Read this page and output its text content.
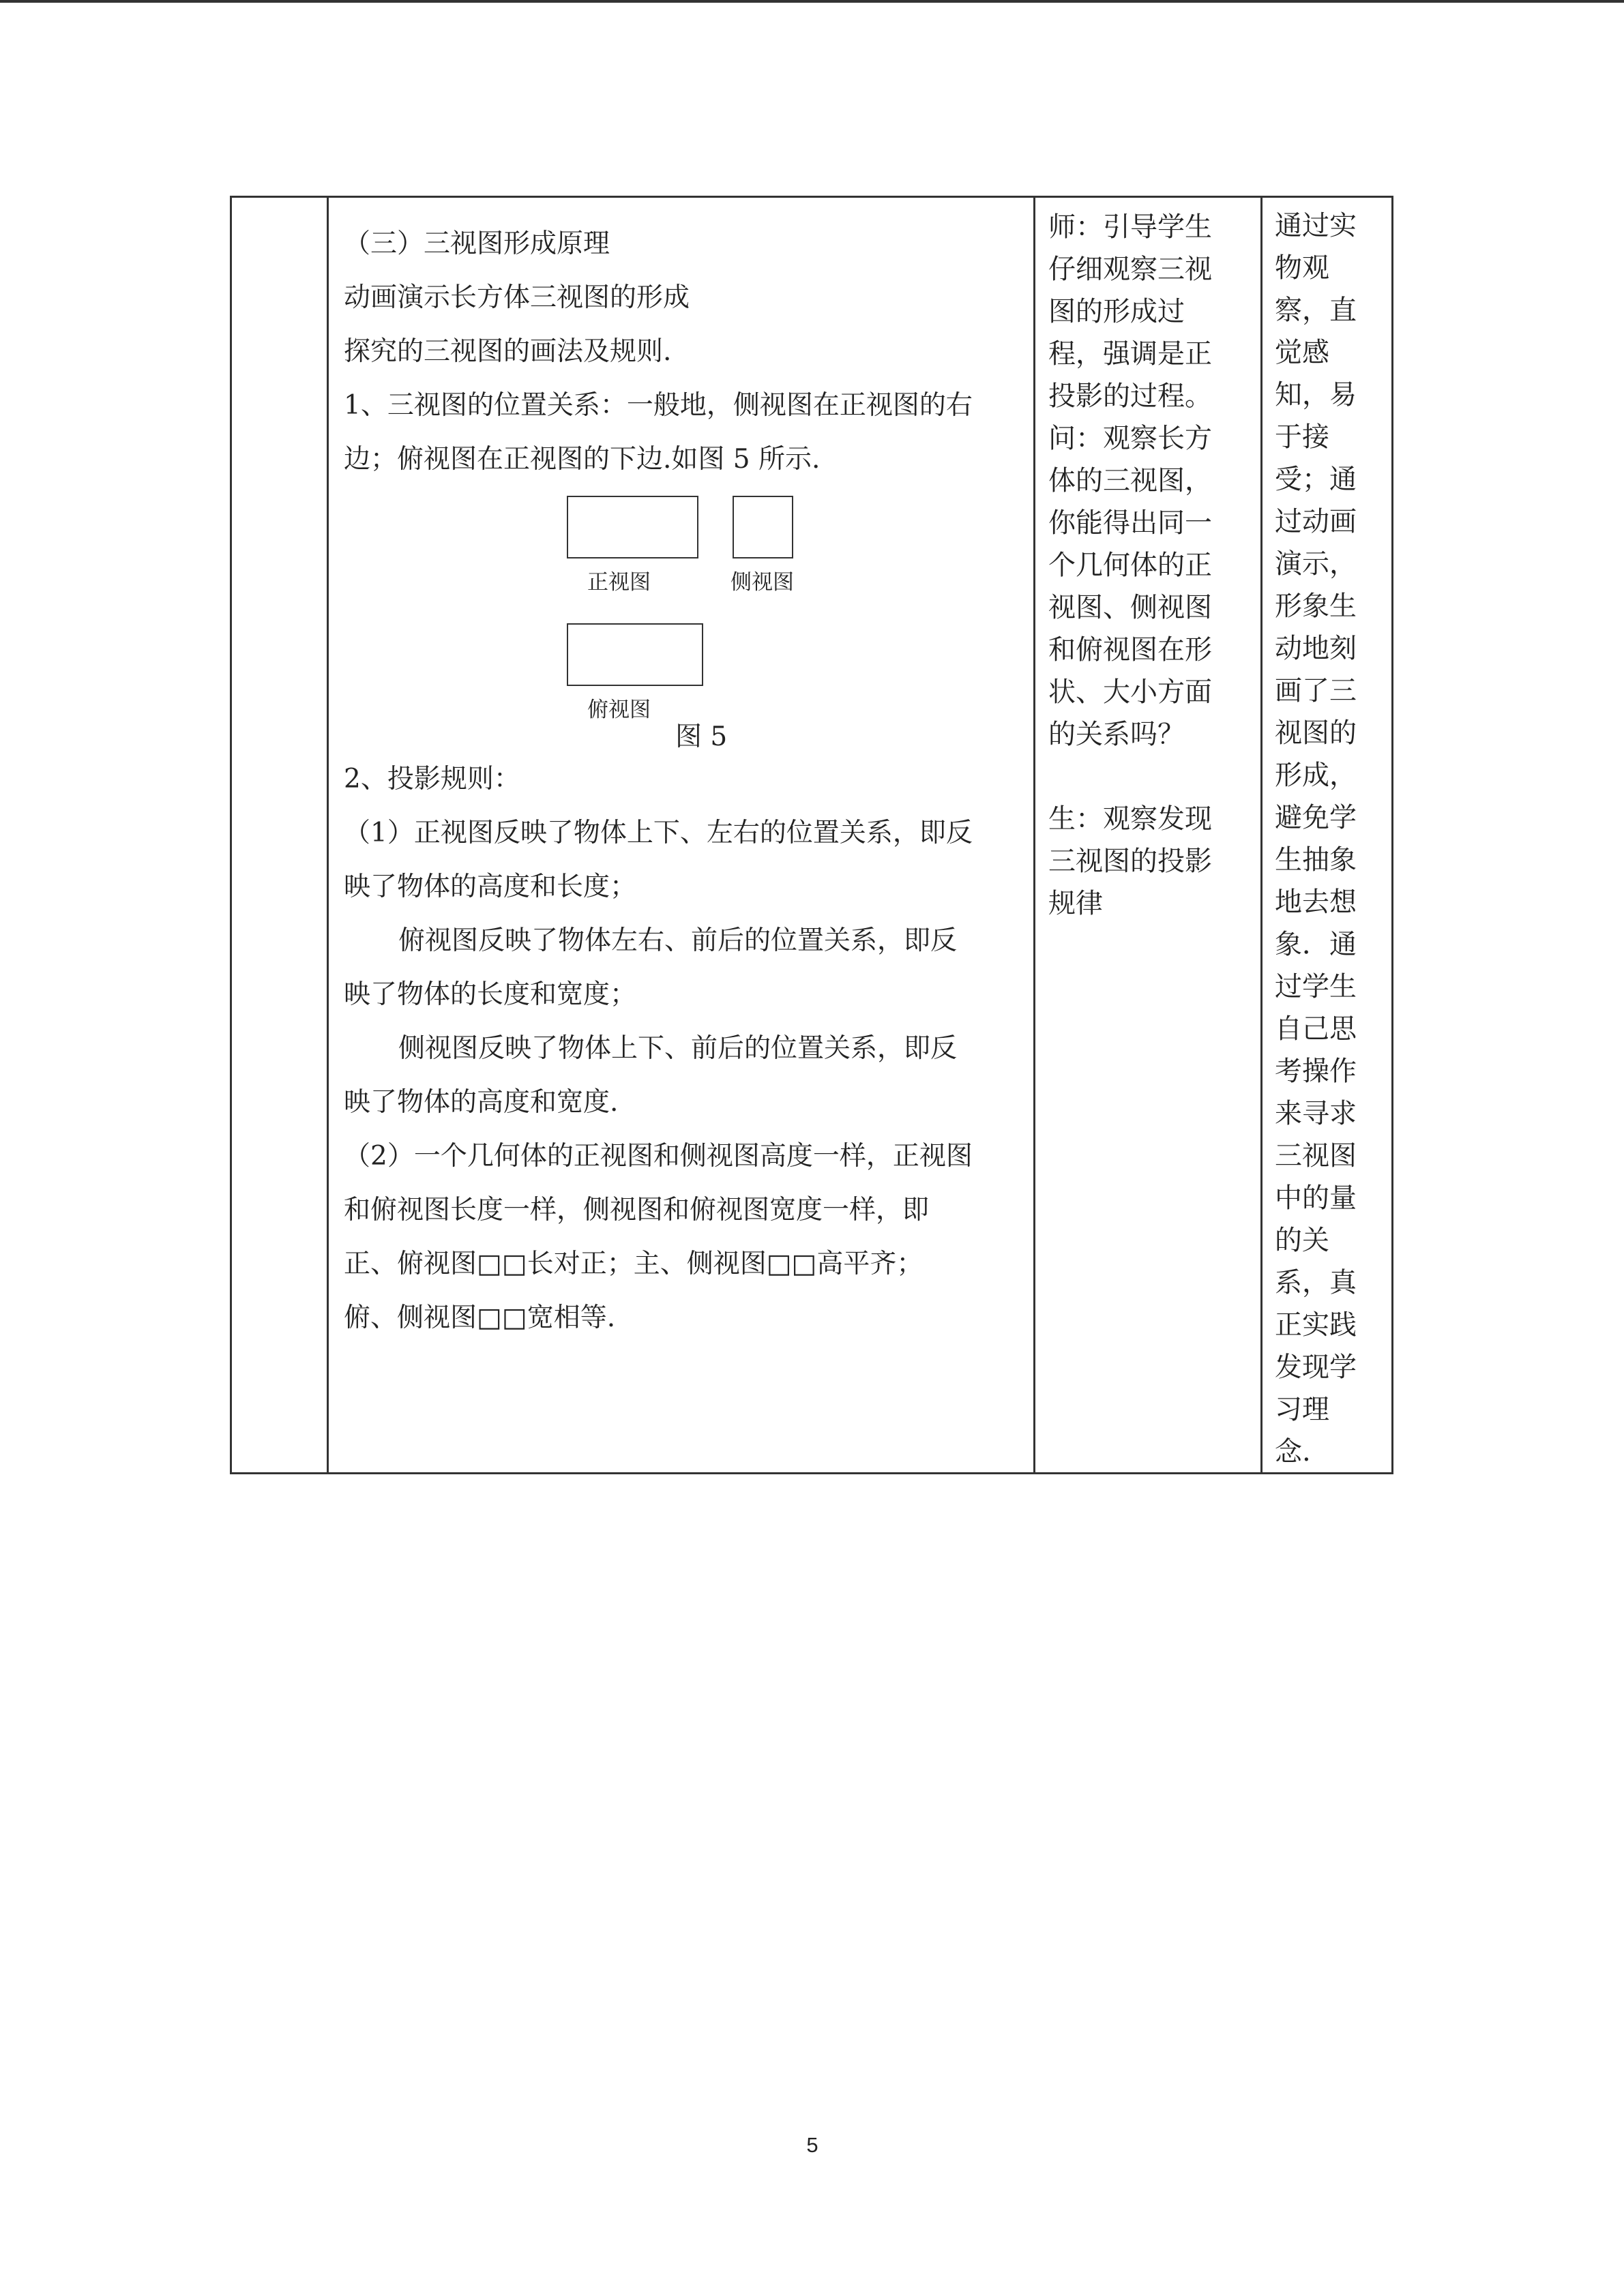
（三）三视图形成原理

动画演示长方体三视图的形成

探究的三视图的画法及规则.

1、三视图的位置关系：一般地，侧视图在正视图的右

边；俯视图在正视图的下边.如图 5 所示.

正视图	侧视图
俯视图
图 5

2、投影规则：

（1）正视图反映了物体上下、左右的位置关系，即反

映了物体的高度和长度；

俯视图反映了物体左右、前后的位置关系，即反

映了物体的长度和宽度；

侧视图反映了物体上下、前后的位置关系，即反

映了物体的高度和宽度.

（2）一个几何体的正视图和侧视图高度一样，正视图

和俯视图长度一样，侧视图和俯视图宽度一样，即

正、俯视图□□长对正；主、侧视图□□高平齐；

俯、侧视图□□宽相等.

师：引导学生

仔细观察三视

图的形成过

程，强调是正

投影的过程。

问：观察长方

体的三视图，

你能得出同一

个几何体的正

视图、侧视图

和俯视图在形

状、大小方面

的关系吗？

生：观察发现

三视图的投影

规律

通过实

物观

察，直

觉感

知，易

于接

受；通

过动画

演示，

形象生

动地刻

画了三

视图的

形成，

避免学

生抽象

地去想

象．通

过学生

自己思

考操作

来寻求

三视图

中的量

的关

系，真

正实践

发现学

习理

念.

5
